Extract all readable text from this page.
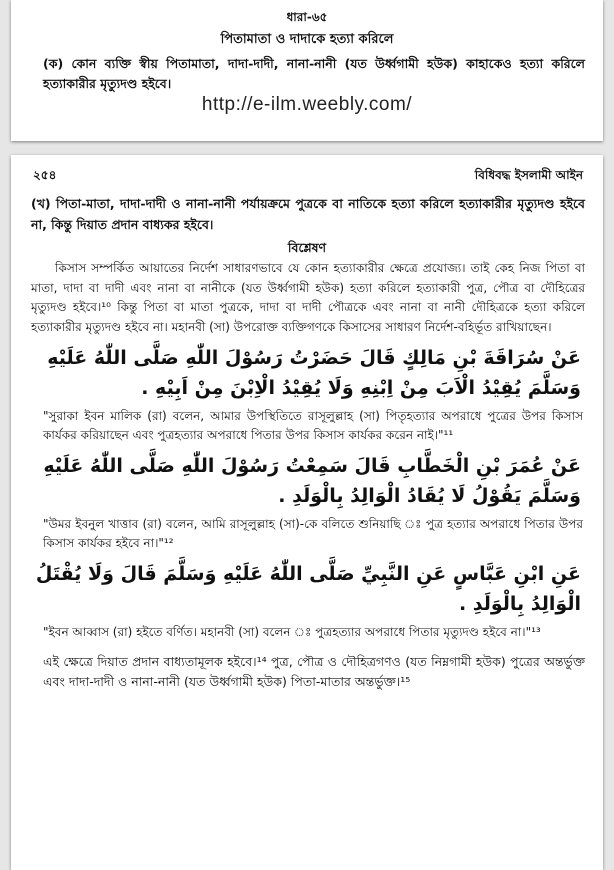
ধারা-৬৫
পিতামাতা ও দাদাকে হত্যা করিলে
(ক) কোন ব্যক্তি স্বীয় পিতামাতা, দাদা-দাদী, নানা-নানী (যত উর্ধ্বগামী হউক) কাহাকেও হত্যা করিলে হত্যাকারীর মৃত্যুদণ্ড হইবে।
http://e-ilm.weebly.com/
২৫৪	বিধিবদ্ধ ইসলামী আইন
(খ) পিতা-মাতা, দাদা-দাদী ও নানা-নানী পর্যায়ক্রমে পুত্রকে বা নাতিকে হত্যা করিলে হত্যাকারীর মৃত্যুদণ্ড হইবে না, কিন্তু দিয়াত প্রদান বাধ্যকর হইবে।
বিশ্লেষণ
কিসাস সম্পর্কিত আয়াতের নির্দেশ সাধারণভাবে যে কোন হত্যাকারীর ক্ষেত্রে প্রযোজ্য। তাই কেহ নিজ পিতা বা মাতা, দাদা বা দাদী এবং নানা বা নানীকে (যত উর্ধ্বগামী হউক) হত্যা করিলে হত্যাকারী পুত্র, পৌত্র বা দৌহিত্রের মৃত্যুদণ্ড হইবে।¹⁰ কিন্তু পিতা বা মাতা পুত্রকে, দাদা বা দাদী পৌত্রকে এবং নানা বা নানী দৌহিত্রকে হত্যা করিলে হত্যাকারীর মৃত্যুদণ্ড হইবে না। মহানবী (সা) উপরোক্ত ব্যক্তিগণকে কিসাসের সাধারণ নির্দেশ-বহির্ভূত রাখিয়াছেন।
عَنْ سُرَاقَةَ بْنِ مَالِكٍ قَالَ حَضَرْتُ رَسُوْلَ اللّٰهِ صَلَّى اللّٰهُ عَلَيْهِ وَسَلَّمَ يُقِيْدُ الْاَبَ مِنْ اِبْنِهِ وَلَا يُقِيْدُ الْاِبْنَ مِنْ اَبِيْهِ .
"সুরাকা ইবন মালিক (রা) বলেন, আমার উপস্থিতিতে রাসূলুল্লাহ (সা) পিতৃহত্যার অপরাধে পুত্রের উপর কিসাস কার্যকর করিয়াছেন এবং পুত্রহত্যার অপরাধে পিতার উপর কিসাস কার্যকর করেন নাই।"¹¹
عَنْ عُمَرَ بْنِ الْخَطَّابِ قَالَ سَمِعْتُ رَسُوْلَ اللّٰهِ صَلَّى اللّٰهُ عَلَيْهِ وَسَلَّمَ يَقُوْلُ لَا يُقَادُ الْوَالِدُ بِالْوَلَدِ .
"উমর ইবনুল খাত্তাব (রা) বলেন, আমি রাসূলুল্লাহ (সা)-কে বলিতে শুনিয়াছি ঃ পুত্র হত্যার অপরাধে পিতার উপর কিসাস কার্যকর হইবে না।"¹²
عَنِ ابْنِ عَبَّاسٍ عَنِ النَّبِيِّ صَلَّى اللّٰهُ عَلَيْهِ وَسَلَّمَ قَالَ وَلَا يُقْتَلُ الْوَالِدُ بِالْوَلَدِ .
"ইবন আব্বাস (রা) হইতে বর্ণিত। মহানবী (সা) বলেন ঃ পুত্রহত্যার অপরাধে পিতার মৃত্যুদণ্ড হইবে না।"¹³
এই ক্ষেত্রে দিয়াত প্রদান বাধ্যতামূলক হইবে।¹⁴ পুত্র, পৌত্র ও দৌহিত্রগণও (যত নিম্নগামী হউক) পুত্রের অন্তর্ভুক্ত এবং দাদা-দাদী ও নানা-নানী (যত উর্ধ্বগামী হউক) পিতা-মাতার অন্তর্ভুক্ত।¹⁵
